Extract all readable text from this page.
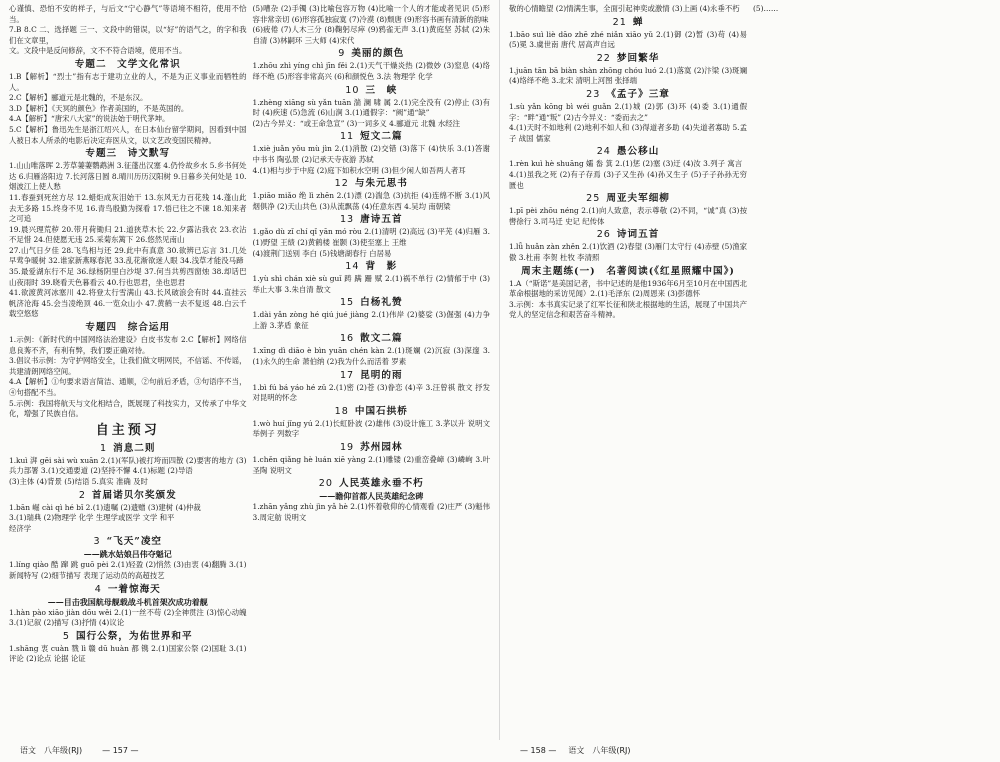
心谨慎、恐怕不安的样子，与后文“宁心静气”等语境不相符，使用不恰当。
7.B 8.C 二、选择题 三一、文段中的错误，以“好”的语气之，的字和我们在文章里，
文。文段中是反问修辞，文不不符合语境，使用不当。
专题二　文学文化常识
1.B【解析】“烈士”指有志于建功立业的人，不是为正义事业而牺牲的人。
2.C【解析】郦道元是北魏的，不是东汉。
3.D【解析】《天冥的颜色》作者美国的，不是英国的。
4.A【解析】“唐宋八大家”的说法始于明代茅坤。
5.C【解析】鲁迅先生是浙江绍兴人，在日本仙台留学期间，因看到中国人被日本人所杀的电影后决定弃医从文，以文艺改变国民精神。
专题三　诗文默写
1.山山唯落晖 2.芳草萋萋鹦鹉洲 3.征蓬出汉塞 4.仍怜故乡水 5.乡书何处达 6.归雁洛阳边 7.长河落日圆 8.晴川历历汉阳树 9.日暮乡关何处是 10.烟波江上使人愁
11.春蚕到死丝方尽 12.蜡炬成灰泪始干 13.东风无力百花残 14.蓬山此去无多路 15.终身不见 16.青鸟殷勤为探看 17.悟已往之不谏 18.知来者之可追
19.晨兴理荒秽 20.带月荷锄归 21.道狭草木长 22.夕露沾我衣 23.衣沾不足惜 24.但使愿无违 25.采菊东篱下 26.悠然见南山
27.山气日夕佳 28.飞鸟相与还 29.此中有真意 30.欲辨已忘言 31.几处早莺争暖树 32.谁家新燕啄春泥 33.乱花渐欲迷人眼 34.浅草才能没马蹄
35.最爱湖东行不足 36.绿杨阴里白沙堤 37.何当共剪西窗烛 38.却话巴山夜雨时 39.晓看天色暮看云 40.行也思君，坐也思君
41.欲渡黄河冰塞川 42.将登太行雪满山 43.长风破浪会有时 44.直挂云帆济沧海 45.会当凌绝顶 46.一览众山小 47.黄鹤一去不复返 48.白云千载空悠悠
专题四　综合运用
1.示例：《新时代的中国网络法治建设》白皮书发布 2.C【解析】网络信息良莠不齐，有利有弊，我们要正确对待。
3.倡议书示例：为守护网络安全，让我们做文明网民，不信谣、不传谣，共建清朗网络空间。
4.A【解析】①句要求语言简洁、通顺，②句前后矛盾，③句语序不当，④句搭配不当。
5.示例：我国将航天与文化相结合，既展现了科技实力，又传承了中华文化，增强了民族自信。
自主预习
1 消息二则
1.kuì 湃 gēi sài wù xuān 2.(1)(军队)被打垮而四散 (2)要害的地方 (3)兵力部署 3.(1)交通要道 (2)坚持不懈 4.(1)标题 (2)导语
(3)主体 (4)背景 (5)结语 5.真实 准确 及时
2 首届诺贝尔奖颁发
1.bān 崛 cài qì hé bǐ 2.(1)遗嘱 (2)遗赠 (3)建树 (4)仲裁
3.(1)瑞典 (2)物理学 化学 生理学或医学 文学 和平
经济学
3 “飞天”凌空
——跳水姑娘吕伟夺魁记
1.líng qiào 酷 蹿 跳 guō pèi 2.(1)轻盈 (2)悄然 (3)由衷 (4)翻腾 3.(1)新闻特写 (2)细节描写 表现了运动员的高超技艺
4 一着惊海天
——目击我国航母舰载战斗机首架次成功着舰
1.hàn pào xiāo jiàn dōu wěi 2.(1)一丝不苟 (2)全神贯注 (3)惊心动魄 3.(1)记叙 (2)描写 (3)抒情 (4)议论
5 国行公祭，为佑世界和平
1.shāng 衷 cuàn 戮 lì 赣 dū huàn 都 镌 2.(1)国家公祭 (2)国耻 3.(1)评论 (2)论点 论据 论证
(5)嘈杂 (2)手镯 (3)比喻包容万物 (4)比喻一个人的才能或者见识 (5)形容非常亲切 (6)形容孤独寂寞 (7)冷漠 (8)颓唐 (9)形容书画有清新的韵味
(6)疲倦 (7)人木三分 (8)鞠躬尽瘁 (9)鸦雀无声 3.(1)黄庭坚 苏轼 (2)朱自清 (3)林嗣环 三大师 (4)宋代
9 美丽的颜色
1.zhōu zhì yíng chì jīn fěi 2.(1)天气干燥炎热 (2)微妙 (3)窒息 (4)络绎不绝 (5)形容非常高兴 (6)和颜悦色 3.法 物理学 化学
10 三　峡
1.zhèng xiāng sù yǎn tuān 湍 澜 啸 属 2.(1)完全没有 (2)停止 (3)有时 (4)疾速 (5)急流 (6)山涧 3.(1)通假字：“阙”通“缺”
(2)古今异义：“或王命急宣” (3)一词多义 4.郦道元 北魏 水经注
11 短文二篇
1.xiè juǎn yǒu mù jìn 2.(1)消散 (2)交错 (3)落下 (4)快乐 3.(1)答谢中书书 陶弘景 (2)记承天寺夜游 苏轼
4.(1)相与步于中庭 (2)庭下如积水空明 (3)但少闲人如吾两人者耳
12 与朱元思书
1.piāo miǎo 绝 lì zhēn 2.(1)漂 (2)湍急 (3)抗拒 (4)连绵不断 3.(1)风烟俱净 (2)天山共色 (3)从流飘荡 (4)任意东西 4.吴均 南朝梁
13 唐诗五首
1.gǎo dù zǐ chí qǐ yān mó ròu 2.(1)清明 (2)高远 (3)平芜 (4)归雁 3.(1)野望 王绩 (2)黄鹤楼 崔颢 (3)使至塞上 王维
(4)渡荆门送别 李白 (5)钱塘湖春行 白居易
14 背　影
1.yù shì chán xiè sù guǐ 踌 蹒 跚 赋 2.(1)祸不单行 (2)情郁于中 (3)举止大事 3.朱自清 散文
15 白杨礼赞
1.dài yǎn zòng hé qiú jué jiàng 2.(1)伟岸 (2)婆娑 (3)倔强 (4)力争上游 3.茅盾 象征
16 散文二篇
1.xīng dì diāo è bìn yuān chén kàn 2.(1)斑斓 (2)沉寂 (3)深邃 3.(1)永久的生命 萧伯纳 (2)我为什么而活着 罗素
17 昆明的雨
1.bì fú bá yáo hé zǔ 2.(1)密 (2)苍 (3)眷恋 (4)辛 3.汪曾祺 散文 抒发对昆明的怀念
18 中国石拱桥
1.wò huí jǐng yú 2.(1)长虹卧波 (2)雄伟 (3)设计施工 3.茅以升 说明文 举例子 列数字
19 苏州园林
1.chěn qiǎng hè luán xiē yàng 2.(1)雕镂 (2)重峦叠嶂 (3)嶙峋 3.叶圣陶 说明文
20 人民英雄永垂不朽
——瞻仰首都人民英雄纪念碑
1.zhān yǎng zhù jìn yǎ hè 2.(1)怀着敬仰的心情观看 (2)庄严 (3)魁伟 3.周定舫 说明文
敬的心情瞻望 (2)情满生事，全面引起神奕或激情 (3)上画 (4)永垂不朽
21 蝉
1.bāo suì liè dāo zhē zhé niǎn xiāo yǔ 2.(1)御 (2)暂 (3)苟 (4)易 (5)冕 3.虞世南 唐代 居高声自远
22 梦回繁华
1.juān tān bā biàn shàn zhōng chóu luó 2.(1)落寞 (2)汴梁 (3)斑斓 (4)络绎不绝 3.北宋 清明上河图 张择端
23 《孟子》三章
1.sù yǎn kōng bì wéi guǎn 2.(1)城 (2)郭 (3)环 (4)委 3.(1)通假字：“畔”通“叛” (2)古今异义：“委而去之”
4.(1)天时不如地利 (2)地利不如人和 (3)得道者多助 (4)失道者寡助 5.孟子 战国 儒家
24 愚公移山
1.rèn kuì hè shuāng 孀 畚 箕 2.(1)惩 (2)塞 (3)迂 (4)汝 3.列子 寓言
4.(1)虽我之死 (2)有子存焉 (3)子又生孙 (4)孙又生子 (5)子子孙孙无穷匮也
25 周亚夫军细柳
1.pī pèi zhōu néng 2.(1)向人致意，表示尊敬 (2)不同，“诚”真 (3)按辔徐行 3.司马迁 史记 纪传体
26 诗词五首
1.lǚ huǎn zàn zhěn 2.(1)饮酒 (2)春望 (3)雁门太守行 (4)赤壁 (5)渔家傲 3.杜甫 李贺 杜牧 李清照
周末主题练(一)　名著阅读(《红星照耀中国》)
1.A（“斯诺”是美国记者，书中记述的是他1936年6月至10月在中国西北革命根据地的采访见闻）2.(1)毛泽东 (2)周恩来 (3)彭德怀
3.示例：本书真实记录了红军长征和陕北根据地的生活，展现了中国共产党人的坚定信念和艰苦奋斗精神。
(5)……
语文　八年级(RJ)	— 157 —	— 158 — 语文　八年级(RJ)
